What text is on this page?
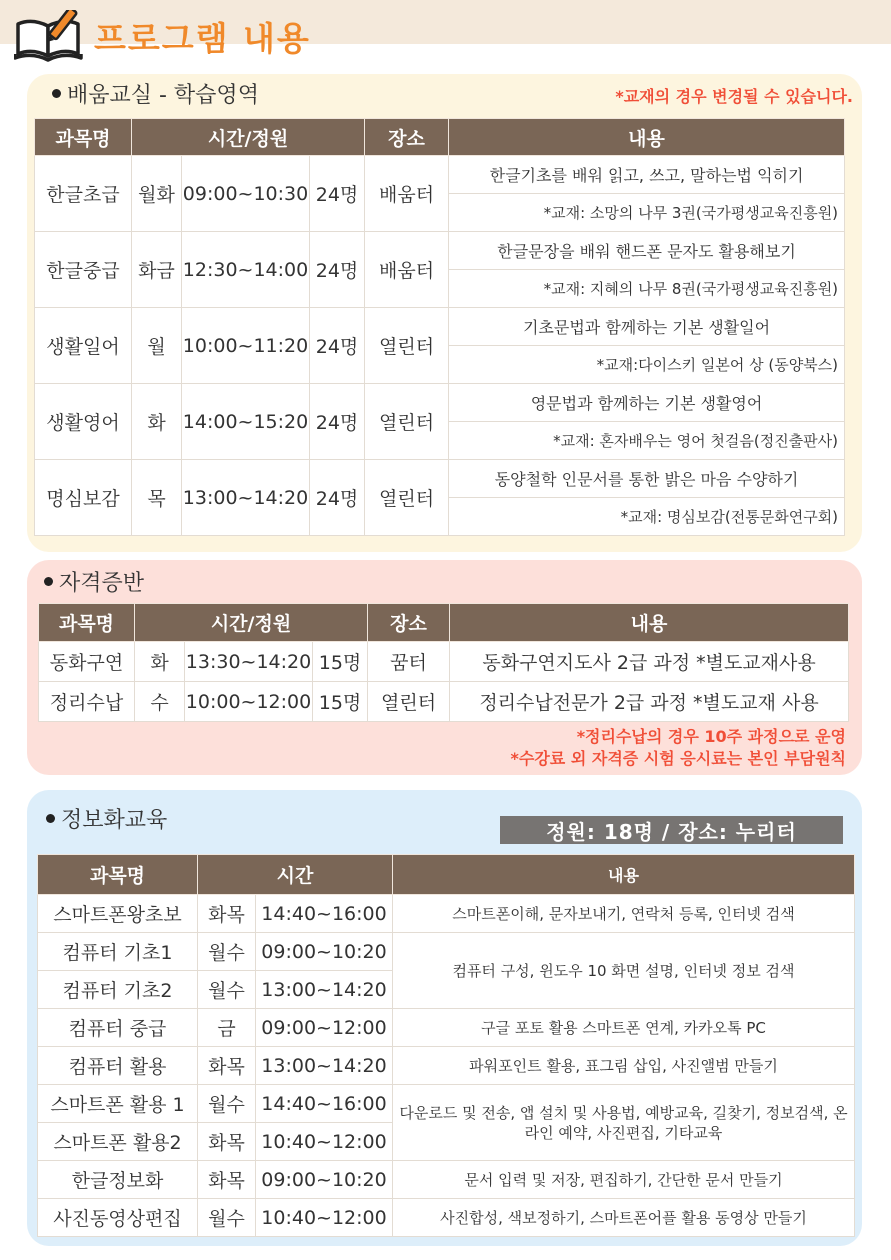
프로그램 내용
배움교실 - 학습영역	*교재의 경우 변경될 수 있습니다.
과목명	시간/정원			장소	내용
한글초급	월화	09:00~10:30	24명	배움터	한글기초를 배워 읽고, 쓰고, 말하는법 익히기
					*교재: 소망의 나무 3권(국가평생교육진흥원)
한글중급	화금	12:30~14:00	24명	배움터	한글문장을 배워 핸드폰 문자도 활용해보기
					*교재: 지혜의 나무 8권(국가평생교육진흥원)
생활일어	월	10:00~11:20	24명	열린터	기초문법과 함께하는 기본 생활일어
					*교재:다이스키 일본어 상 (동양북스)
생활영어	화	14:00~15:20	24명	열린터	영문법과 함께하는 기본 생활영어
					*교재: 혼자배우는 영어 첫걸음(정진출판사)
명심보감	목	13:00~14:20	24명	열린터	동양철학 인문서를 통한 밝은 마음 수양하기
					*교재: 명심보감(전통문화연구회)
자격증반
과목명	시간/정원			장소	내용
동화구연	화	13:30~14:20	15명	꿈터	동화구연지도사 2급 과정 *별도교재사용
정리수납	수	10:00~12:00	15명	열린터	정리수납전문가 2급 과정 *별도교재 사용
*정리수납의 경우 10주 과정으로 운영
*수강료 외 자격증 시험 응시료는 본인 부담원칙
정보화교육	정원: 18명 / 장소: 누리터
과목명	시간		내용
스마트폰왕초보	화목	14:40~16:00	스마트폰이해, 문자보내기, 연락처 등록, 인터넷 검색
컴퓨터 기초1	월수	09:00~10:20	컴퓨터 구성, 윈도우 10 화면 설명, 인터넷 정보 검색
컴퓨터 기초2	월수	13:00~14:20	
컴퓨터 중급	금	09:00~12:00	구글 포토 활용 스마트폰 연계, 카카오톡 PC
컴퓨터 활용	화목	13:00~14:20	파워포인트 활용, 표그림 삽입, 사진앨범 만들기
스마트폰 활용 1	월수	14:40~16:00	다운로드 및 전송, 앱 설치 및 사용법, 예방교육, 길찾기, 정보검색, 온라인 예약, 사진편집, 기타교육
스마트폰 활용2	화목	10:40~12:00	
한글정보화	화목	09:00~10:20	문서 입력 및 저장, 편집하기, 간단한 문서 만들기
사진동영상편집	월수	10:40~12:00	사진합성, 색보정하기, 스마트폰어플 활용 동영상 만들기
